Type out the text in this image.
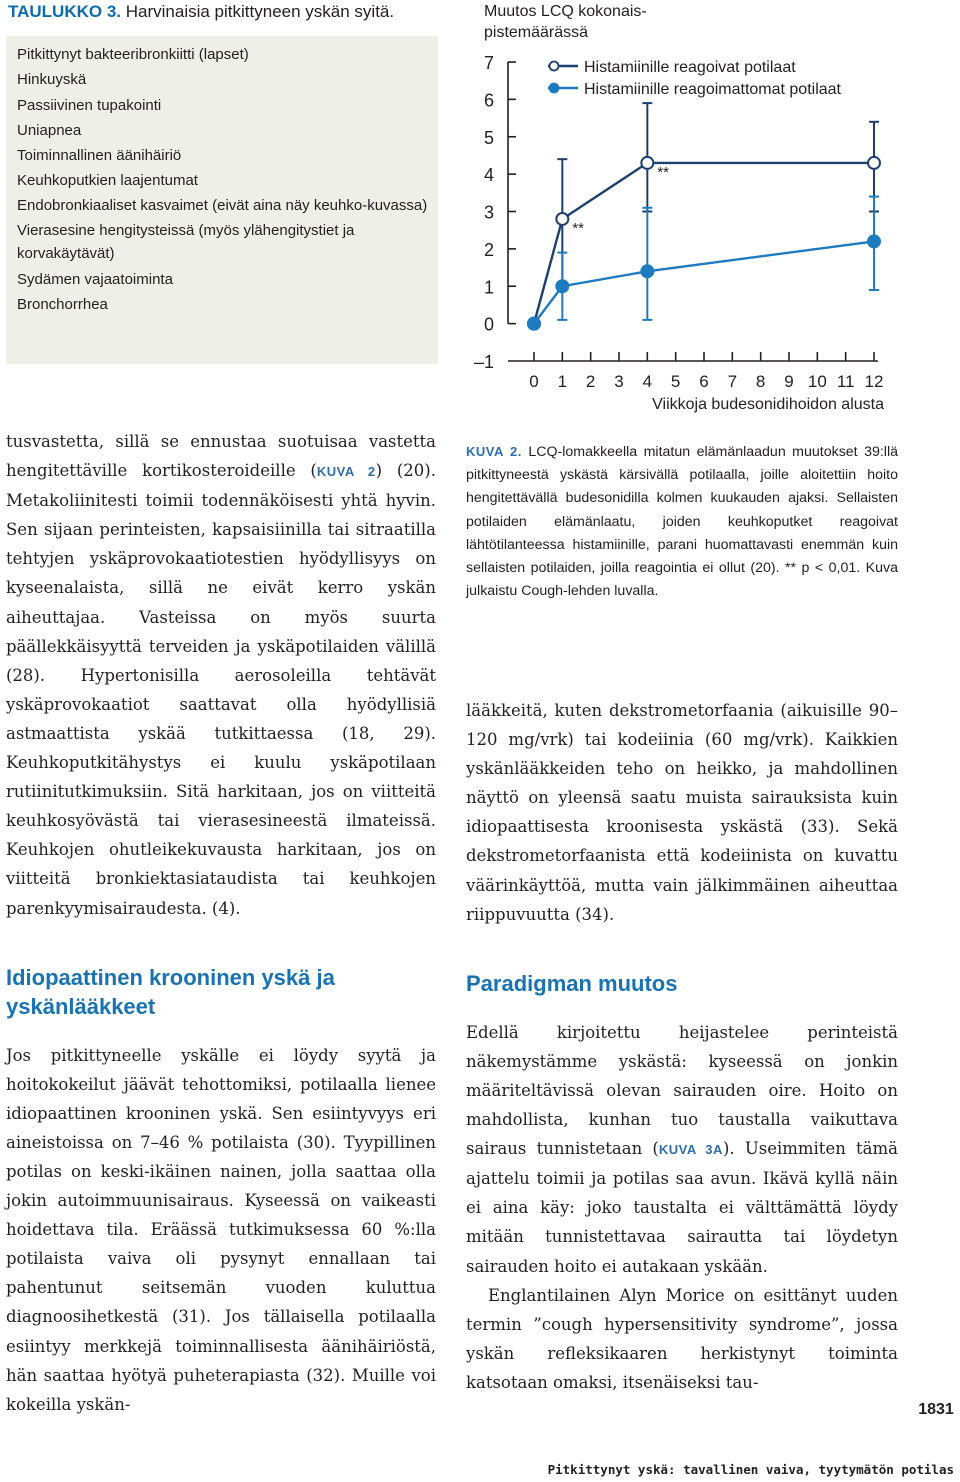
TAULUKKO 3. Harvinaisia pitkittyneen yskän syitä.
Pitkittynyt bakteeribronkiitti (lapset)
Hinkuyskä
Passiivinen tupakointi
Uniapnea
Toiminnallinen äänihäiriö
Keuhkoputkien laajentumat
Endobronkiaaliset kasvaimet (eivät aina näy keuhko-kuvassa)
Vierasesine hengitysteissä (myös ylähengitystiet ja korvakäytävät)
Sydämen vajaatoiminta
Bronchorrhea
Muutos LCQ kokonais-
pistemäärässä
7
6
5
4
3
2
1
0
–1
0 1 2 3 4 5 6 7 8 9 10 11 12
**
**
Histamiinille reagoivat potilaat
Histamiinille reagoimattomat potilaat
Viikkoja budesonidihoidon alusta
KUVA 2. LCQ-lomakkeella mitatun elämänlaadun muutokset 39:llä pitkittyneestä yskästä kärsivällä potilaalla, joille aloitettiin hoito hengitettävällä budesonidilla kolmen kuukauden ajaksi. Sellaisten potilaiden elämänlaatu, joiden keuhkoputket reagoivat lähtötilanteessa histamiinille, parani huomattavasti enemmän kuin sellaisten potilaiden, joilla reagointia ei ollut (20). ** p < 0,01. Kuva julkaistu Cough-lehden luvalla.

tusvastetta, sillä se ennustaa suotuisaa vastetta hengitettäville kortikosteroideille (KUVA 2) (20). Metakoliinitesti toimii todennäköisesti yhtä hyvin. Sen sijaan perinteisten, kapsaisiinilla tai sitraatilla tehtyjen yskäprovokaatiotestien hyödyllisyys on kyseenalaista, sillä ne eivät kerro yskän aiheuttajaa. Vasteissa on myös suurta päällekkäisyyttä terveiden ja yskäpotilaiden välillä (28). Hypertonisilla aerosoleilla tehtävät yskäprovokaatiot saattavat olla hyödyllisiä astmaattista yskää tutkittaessa (18, 29). Keuhkoputkitähystys ei kuulu yskäpotilaan rutiinitutkimuksiin. Sitä harkitaan, jos on viitteitä keuhkosyövästä tai vierasesineestä ilmateissä. Keuhkojen ohutleikekuvausta harkitaan, jos on viitteitä bronkiektasiataudista tai keuhkojen parenkyymisairaudesta. (4).

Idiopaattinen krooninen yskä ja yskänlääkkeet

Jos pitkittyneelle yskälle ei löydy syytä ja hoitokokeilut jäävät tehottomiksi, potilaalla lienee idiopaattinen krooninen yskä. Sen esiintyvyys eri aineistoissa on 7–46 % potilaista (30). Tyypillinen potilas on keski-ikäinen nainen, jolla saattaa olla jokin autoimmuunisairaus. Kyseessä on vaikeasti hoidettava tila. Eräässä tutkimuksessa 60 %:lla potilaista vaiva oli pysynyt ennallaan tai pahentunut seitsemän vuoden kuluttua diagnoosihetkestä (31). Jos tällaisella potilaalla esiintyy merkkejä toiminnallisesta äänihäiriöstä, hän saattaa hyötyä puheterapiasta (32). Muille voi kokeilla yskän-

lääkkeitä, kuten dekstrometorfaania (aikuisille 90–120 mg/vrk) tai kodeiinia (60 mg/vrk). Kaikkien yskänlääkkeiden teho on heikko, ja mahdollinen näyttö on yleensä saatu muista sairauksista kuin idiopaattisesta kroonisesta yskästä (33). Sekä dekstrometorfaanista että kodeiinista on kuvattu väärinkäyttöä, mutta vain jälkimmäinen aiheuttaa riippuvuutta (34).

Paradigman muutos

Edellä kirjoitettu heijastelee perinteistä näkemystämme yskästä: kyseessä on jonkin määriteltävissä olevan sairauden oire. Hoito on mahdollista, kunhan tuo taustalla vaikuttava sairaus tunnistetaan (KUVA 3A). Useimmiten tämä ajattelu toimii ja potilas saa avun. Ikävä kyllä näin ei aina käy: joko taustalta ei välttämättä löydy mitään tunnistettavaa sairautta tai löydetyn sairauden hoito ei autakaan yskään.

Englantilainen Alyn Morice on esittänyt uuden termin ”cough hypersensitivity syndrome”, jossa yskän refleksikaaren herkistynyt toiminta katsotaan omaksi, itsenäiseksi tau-

1831
Pitkittynyt yskä: tavallinen vaiva, tyytymätön potilas
